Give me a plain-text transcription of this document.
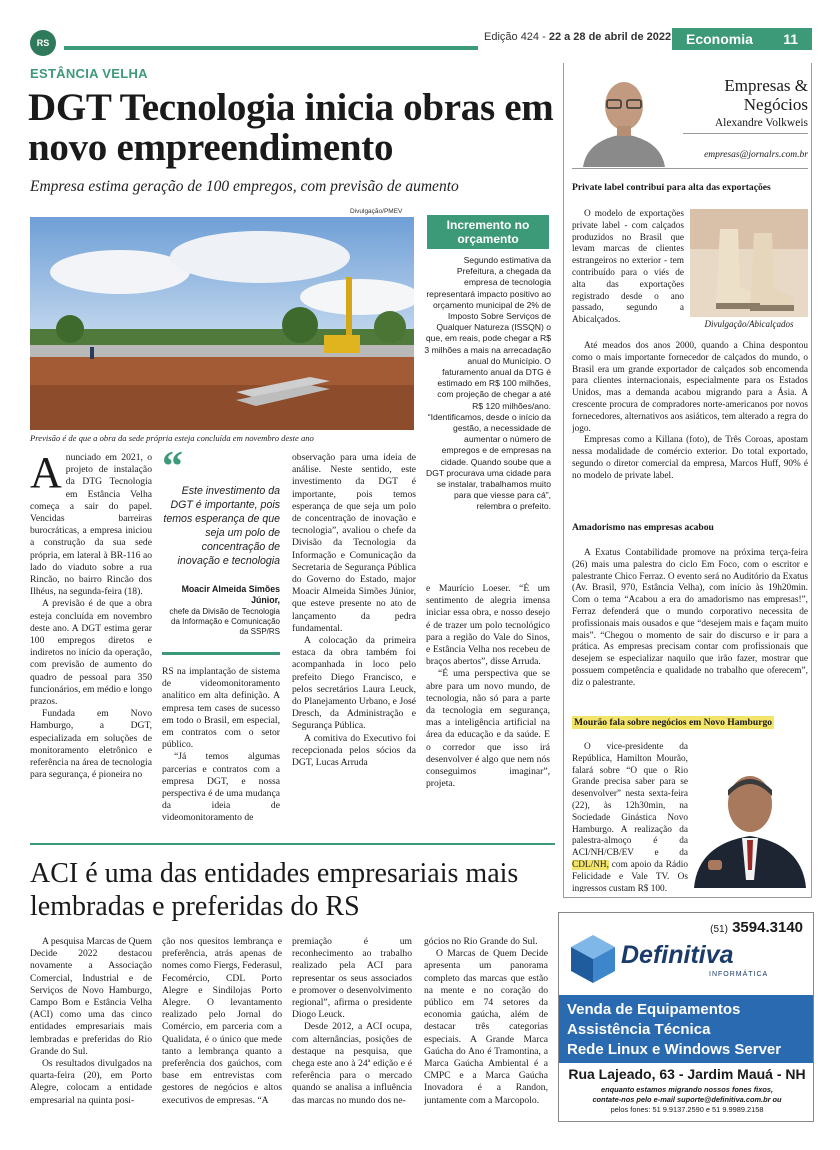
RS	Edição 424 - 22 a 28 de abril de 2022	Economia 11
ESTÂNCIA VELHA
DGT Tecnologia inicia obras em novo empreendimento
Empresa estima geração de 100 empregos, com previsão de aumento
Divulgação/PMEV
Previsão é de que a obra da sede própria esteja concluída em novembro deste ano
Incremento no orçamento
Segundo estimativa da Prefeitura, a chegada da empresa de tecnologia representará impacto positivo ao orçamento municipal de 2% de Imposto Sobre Serviços de Qualquer Natureza (ISSQN) o que, em reais, pode chegar a R$ 3 milhões a mais na arrecadação anual do Município. O faturamento anual da DTG é estimado em R$ 100 milhões, com projeção de chegar a até R$ 120 milhões/ano. “Identificamos, desde o início da gestão, a necessidade de aumentar o número de empregos e de empresas na cidade. Quando soube que a DGT procurava uma cidade para se instalar, trabalhamos muito para que viesse para cá”, relembra o prefeito.

Anunciado em 2021, o projeto de instalação da DTG Tecnologia em Estância Velha começa a sair do papel. Vencidas barreiras burocráticas, a empresa iniciou a construção da sua sede própria, em lateral à BR-116 ao lado do viaduto sobre a rua Rincão, no bairro Rincão dos Ilhéus, na segunda-feira (18).

A previsão é de que a obra esteja concluída em novembro deste ano. A DGT estima gerar 100 empregos diretos e indiretos no início da operação, com previsão de aumento do quadro de pessoal para 350 funcionários, em médio e longo prazos.

Fundada em Novo Hamburgo, a DGT, especializada em soluções de monitoramento eletrônico e referência na área de tecnologia para segurança, é pioneira no

“
Este investimento da DGT é importante, pois temos esperança de que seja um polo de concentração de inovação e tecnologia
Moacir Almeida Simões Júnior,
chefe da Divisão de Tecnologia da Informação e Comunicação da SSP/RS

RS na implantação de sistema de videomonitoramento analítico em alta definição. A empresa tem cases de sucesso em todo o Brasil, em especial, em contratos com o setor público.

“Já temos algumas parcerias e contratos com a empresa DGT, e nossa perspectiva é de uma mudança da ideia de videomonitoramento de

observação para uma ideia de análise. Neste sentido, este investimento da DGT é importante, pois temos esperança de que seja um polo de concentração de inovação e tecnologia”, avaliou o chefe da Divisão da Tecnologia da Informação e Comunicação da Secretaria de Segurança Pública do Governo do Estado, major Moacir Almeida Simões Júnior, que esteve presente no ato de lançamento da pedra fundamental.

A colocação da primeira estaca da obra também foi acompanhada in loco pelo prefeito Diego Francisco, e pelos secretários Laura Leuck, do Planejamento Urbano, e José Dresch, da Administração e Segurança Pública.

A comitiva do Executivo foi recepcionada pelos sócios da DGT, Lucas Arruda

e Maurício Loeser. “É um sentimento de alegria imensa iniciar essa obra, e nosso desejo é de trazer um polo tecnológico para a região do Vale do Sinos, e Estância Velha nos recebeu de braços abertos”, disse Arruda.

“É uma perspectiva que se abre para um novo mundo, de tecnologia, não só para a parte da tecnologia em segurança, mas a inteligência artificial na área da educação e da saúde. E o corredor que isso irá desenvolver é algo que nem nós conseguimos imaginar”, projeta.

ACI é uma das entidades empresariais mais lembradas e preferidas do RS

A pesquisa Marcas de Quem Decide 2022 destacou novamente a Associação Comercial, Industrial e de Serviços de Novo Hamburgo, Campo Bom e Estância Velha (ACI) como uma das cinco entidades empresariais mais lembradas e preferidas do Rio Grande do Sul.

Os resultados divulgados na quarta-feira (20), em Porto Alegre, colocam a entidade empresarial na quinta posi-

ção nos quesitos lembrança e preferência, atrás apenas de nomes como Fiergs, Federasul, Fecomércio, CDL Porto Alegre e Sindilojas Porto Alegre. O levantamento realizado pelo Jornal do Comércio, em parceria com a Qualidata, é o único que mede tanto a lembrança quanto a preferência dos gaúchos, com base em entrevistas com gestores de negócios e altos executivos de empresas. “A

premiação é um reconhecimento ao trabalho realizado pela ACI para representar os seus associados e promover o desenvolvimento regional”, afirma o presidente Diogo Leuck.

Desde 2012, a ACI ocupa, com alternâncias, posições de destaque na pesquisa, que chega este ano à 24ª edição e é referência para o mercado quando se analisa a influência das marcas no mundo dos ne-

gócios no Rio Grande do Sul.

O Marcas de Quem Decide apresenta um panorama completo das marcas que estão na mente e no coração do público em 74 setores da economia gaúcha, além de destacar três categorias especiais. A Grande Marca Gaúcha do Ano é Tramontina, a Marca Gaúcha Ambiental é a CMPC e a Marca Gaúcha Inovadora é a Randon, juntamente com a Marcopolo.

Empresas & Negócios
Alexandre Volkweis
empresas@jornalrs.com.br
Private label contribui para alta das exportações

O modelo de exportações private label - com calçados produzidos no Brasil que levam marcas de clientes estrangeiros no exterior - tem contribuído para o viés de alta das exportações registrado desde o ano passado, segundo a Abicalçados.	Divulgação/Abicalçados

Até meados dos anos 2000, quando a China despontou como o mais importante fornecedor de calçados do mundo, o Brasil era um grande exportador de calçados sob encomenda para clientes internacionais, especialmente para os Estados Unidos, mas a demanda acabou migrando para a Ásia. A crescente procura de compradores norte-americanos por novos fornecedores, alternativos aos asiáticos, tem alterado a regra do jogo.

Empresas como a Killana (foto), de Três Coroas, apostam nessa modalidade de comércio exterior. Do total exportado, segundo o diretor comercial da empresa, Marcos Huff, 90% é no modelo de private label.

Amadorismo nas empresas acabou

A Exatus Contabilidade promove na próxima terça-feira (26) mais uma palestra do ciclo Em Foco, com o escritor e palestrante Chico Ferraz. O evento será no Auditório da Exatus (Av. Brasil, 970, Estância Velha), com início às 19h20min. Com o tema “Acabou a era do amadorismo nas empresas!”, Ferraz defenderá que o mundo corporativo necessita de profissionais mais ousados e que “desejem mais e façam muito mais”. “Chegou o momento de sair do discurso e ir para a prática. As empresas precisam contar com profissionais que desejem se especializar naquilo que irão fazer, mostrar que possuem competência e qualidade no trabalho que oferecem”, diz o palestrante.

Mourão fala sobre negócios em Novo Hamburgo

O vice-presidente da República, Hamilton Mourão, falará sobre “O que o Rio Grande precisa saber para se desenvolver” nesta sexta-feira (22), às 12h30min, na Sociedade Ginástica Novo Hamburgo. A realização da palestra-almoço é da ACI/NH/CB/EV e da CDL/NH, com apoio da Rádio Felicidade e Vale TV. Os ingressos custam R$ 100.

(51) 3594.3140
Definitiva
INFORMÁTICA
Venda de Equipamentos
Assistência Técnica
Rede Linux e Windows Server
Rua Lajeado, 63 - Jardim Mauá - NH
enquanto estamos migrando nossos fones fixos,
contate-nos pelo e-mail suporte@definitiva.com.br ou
pelos fones: 51 9.9137.2590 e 51 9.9989.2158
